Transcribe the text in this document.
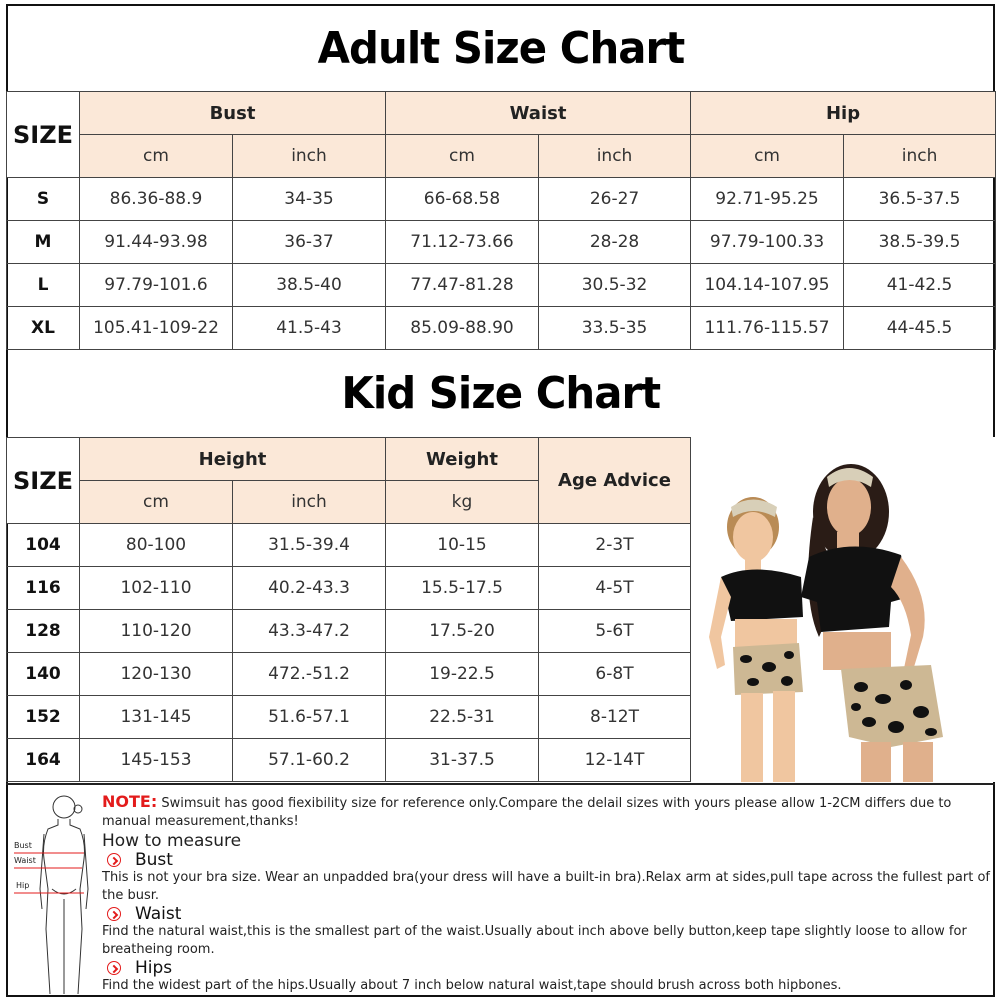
Adult Size Chart
SIZE	Bust		Waist		Hip	
	cm	inch	cm	inch	cm	inch
S	86.36-88.9	34-35	66-68.58	26-27	92.71-95.25	36.5-37.5
M	91.44-93.98	36-37	71.12-73.66	28-28	97.79-100.33	38.5-39.5
L	97.79-101.6	38.5-40	77.47-81.28	30.5-32	104.14-107.95	41-42.5
XL	105.41-109-22	41.5-43	85.09-88.90	33.5-35	111.76-115.57	44-45.5
Kid Size Chart
SIZE	Height		Weight	Age Advice
	cm	inch	kg	
104	80-100	31.5-39.4	10-15	2-3T
116	102-110	40.2-43.3	15.5-17.5	4-5T
128	110-120	43.3-47.2	17.5-20	5-6T
140	120-130	472.-51.2	19-22.5	6-8T
152	131-145	51.6-57.1	22.5-31	8-12T
164	145-153	57.1-60.2	31-37.5	12-14T
Bust
Waist
Hip
NOTE: Swimsuit has good fiexibility size for reference only.Compare the delail sizes with yours please allow 1-2CM differs due to manual measurement,thanks!
How to measure
Bust
This is not your bra size. Wear an unpadded bra(your dress will have a built-in bra).Relax arm at sides,pull tape across the fullest part of the busr.
Waist
Find the natural waist,this is the smallest part of the waist.Usually about inch above belly button,keep tape slightly loose to allow for breatheing room.
Hips
Find the widest part of the hips.Usually about 7 inch below natural waist,tape should brush across both hipbones.
